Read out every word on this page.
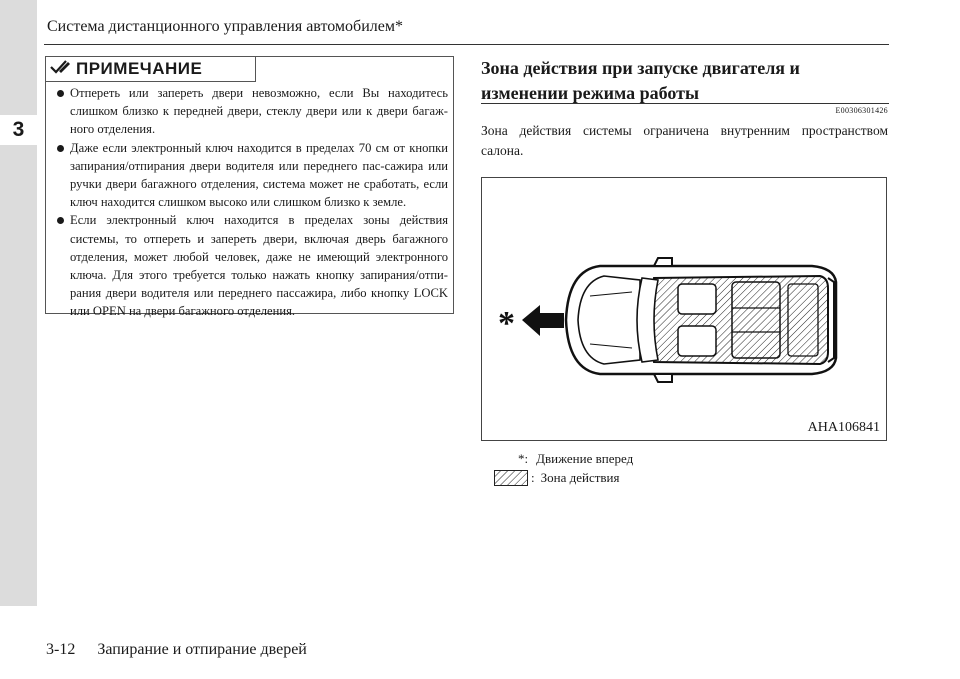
3
Система дистанционного управления автомобилем*
ПРИМЕЧАНИЕ
Отпереть или запереть двери невозможно, если Вы находитесь слишком близко к передней двери, стеклу двери или к двери багаж-ного отделения.
Даже если электронный ключ находится в пределах 70 см от кнопки запирания/отпирания двери водителя или переднего пас-сажира или ручки двери багажного отделения, система может не сработать, если ключ находится слишком высоко или слишком близко к земле.
Если электронный ключ находится в пределах зоны действия системы, то отпереть и запереть двери, включая дверь багажного отделения, может любой человек, даже не имеющий электронного ключа. Для этого требуется только нажать кнопку запирания/отпи-рания двери водителя или переднего пассажира, либо кнопку LOCK или OPEN на двери багажного отделения.
Зона действия при запуске двигателя и изменении режима работы
E00306301426

Зона действия системы ограничена внутренним пространством салона.

*
AHA106841
*: Движение вперед
: Зона действия
3-12 Запирание и отпирание дверей
